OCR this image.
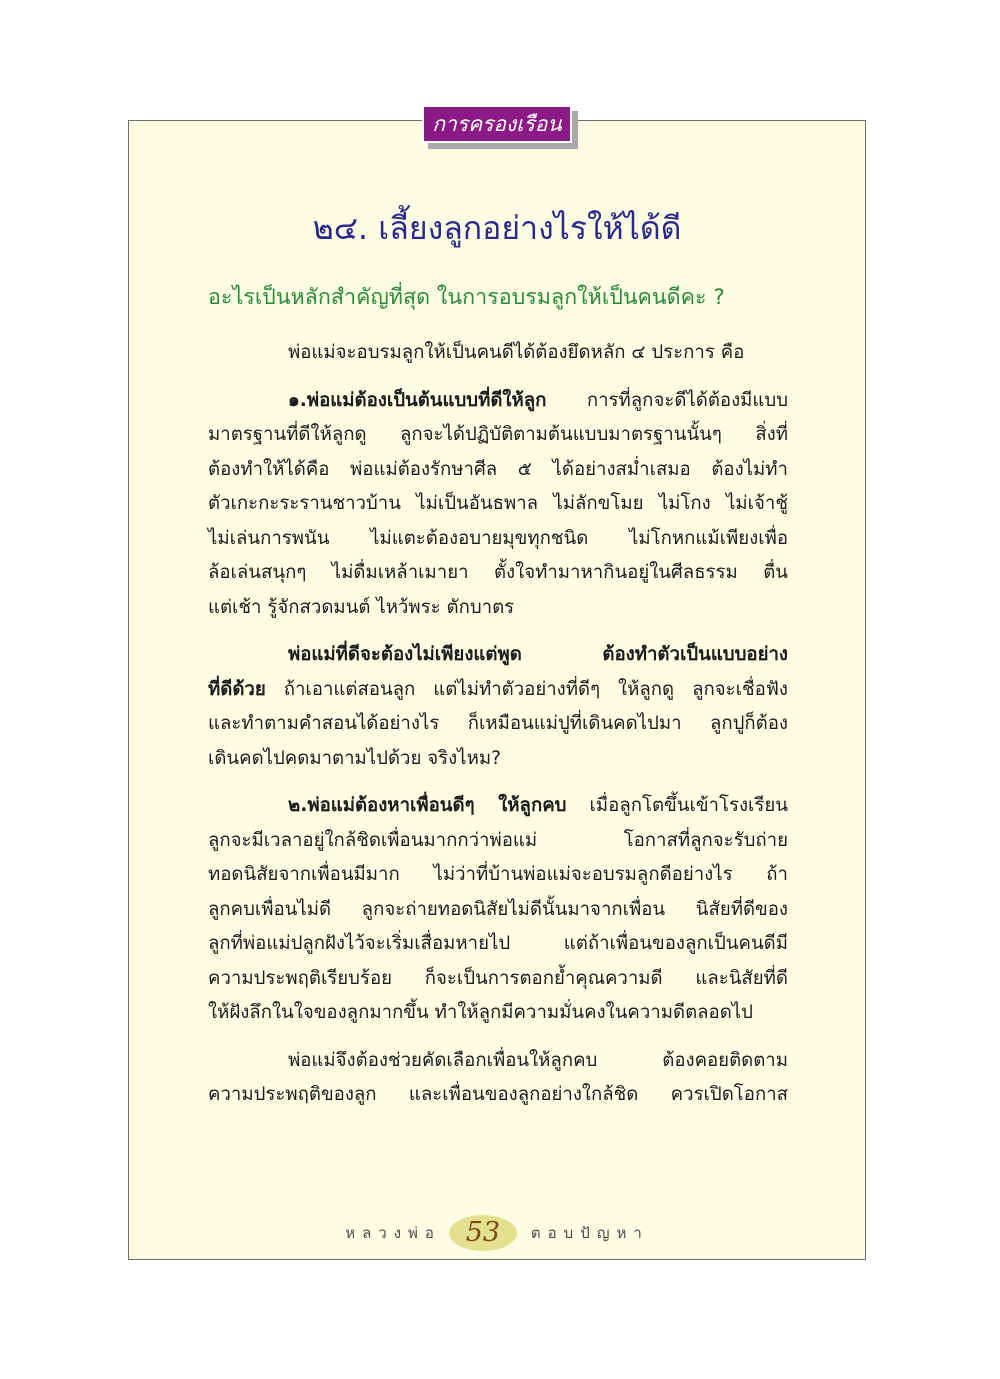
การครองเรือน
๒๔. เลี้ยงลูกอย่างไรให้ได้ดี

อะไรเป็นหลักสำคัญที่สุด ในการอบรมลูกให้เป็นคนดีคะ ?

พ่อแม่จะอบรมลูกให้เป็นคนดีได้ต้องยึดหลัก ๔ ประการ คือ
๑.พ่อแม่ต้องเป็นต้นแบบที่ดีให้ลูก การที่ลูกจะดีได้ต้องมีแบบ
มาตรฐานที่ดีให้ลูกดู ลูกจะได้ปฏิบัติตามต้นแบบมาตรฐานนั้นๆ สิ่งที่
ต้องทำให้ได้คือ พ่อแม่ต้องรักษาศีล ๕ ได้อย่างสม่ำเสมอ ต้องไม่ทำ
ตัวเกะกะระรานชาวบ้าน ไม่เป็นอันธพาล ไม่ลักขโมย ไม่โกง ไม่เจ้าชู้
ไม่เล่นการพนัน ไม่แตะต้องอบายมุขทุกชนิด ไม่โกหกแม้เพียงเพื่อ
ล้อเล่นสนุกๆ ไม่ดื่มเหล้าเมายา ตั้งใจทำมาหากินอยู่ในศีลธรรม ตื่น
แต่เช้า รู้จักสวดมนต์ ไหว้พระ ตักบาตร
พ่อแม่ที่ดีจะต้องไม่เพียงแต่พูด ต้องทำตัวเป็นแบบอย่าง
ที่ดีด้วย ถ้าเอาแต่สอนลูก แต่ไม่ทำตัวอย่างที่ดีๆ ให้ลูกดู ลูกจะเชื่อฟัง
และทำตามคำสอนได้อย่างไร ก็เหมือนแม่ปูที่เดินคดไปมา ลูกปูก็ต้อง
เดินคดไปคดมาตามไปด้วย จริงไหม?
๒.พ่อแม่ต้องหาเพื่อนดีๆ ให้ลูกคบ เมื่อลูกโตขึ้นเข้าโรงเรียน
ลูกจะมีเวลาอยู่ใกล้ชิดเพื่อนมากกว่าพ่อแม่ โอกาสที่ลูกจะรับถ่าย
ทอดนิสัยจากเพื่อนมีมาก ไม่ว่าที่บ้านพ่อแม่จะอบรมลูกดีอย่างไร ถ้า
ลูกคบเพื่อนไม่ดี ลูกจะถ่ายทอดนิสัยไม่ดีนั้นมาจากเพื่อน นิสัยที่ดีของ
ลูกที่พ่อแม่ปลูกฝังไว้จะเริ่มเสื่อมหายไป แต่ถ้าเพื่อนของลูกเป็นคนดีมี
ความประพฤติเรียบร้อย ก็จะเป็นการตอกย้ำคุณความดี และนิสัยที่ดี
ให้ฝังลึกในใจของลูกมากขึ้น ทำให้ลูกมีความมั่นคงในความดีตลอดไป
พ่อแม่จึงต้องช่วยคัดเลือกเพื่อนให้ลูกคบ ต้องคอยติดตาม
ความประพฤติของลูก และเพื่อนของลูกอย่างใกล้ชิด ควรเปิดโอกาส
หลวงพ่อ 53	ตอบปัญหา
